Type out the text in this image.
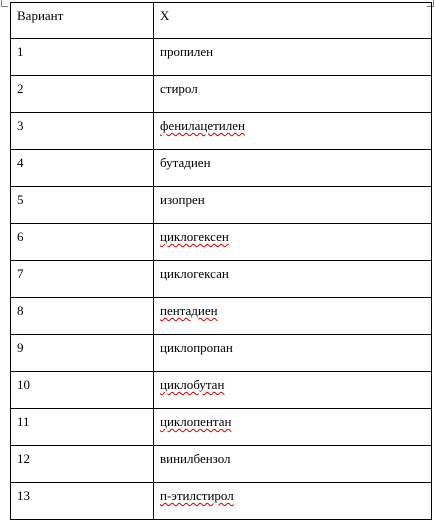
Вариант	X
1	пропилен
2	стирол
3	фенилацетилен
4	бутадиен
5	изопрен
6	циклогексен
7	циклогексан
8	пентадиен
9	циклопропан
10	циклобутан
11	циклопентан
12	винилбензол
13	п-этилстирол
